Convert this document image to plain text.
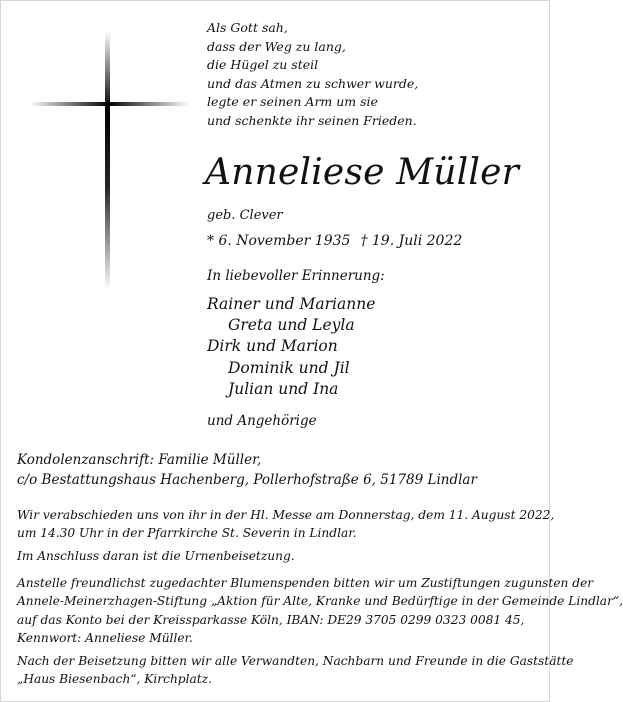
Als Gott sah,
dass der Weg zu lang,
die Hügel zu steil
und das Atmen zu schwer wurde,
legte er seinen Arm um sie
und schenkte ihr seinen Frieden.
Anneliese Müller
geb. Clever
* 6. November 1935 † 19. Juli 2022
In liebevoller Erinnerung:
Rainer und Marianne
Greta und Leyla
Dirk und Marion
Dominik und Jil
Julian und Ina
und Angehörige
Kondolenzanschrift: Familie Müller,
c/o Bestattungshaus Hachenberg, Pollerhofstraße 6, 51789 Lindlar
Wir verabschieden uns von ihr in der Hl. Messe am Donnerstag, dem 11. August 2022,
um 14.30 Uhr in der Pfarrkirche St. Severin in Lindlar.
Im Anschluss daran ist die Urnenbeisetzung.
Anstelle freundlichst zugedachter Blumenspenden bitten wir um Zustiftungen zugunsten der
Annele-Meinerzhagen-Stiftung „Aktion für Alte, Kranke und Bedürftige in der Gemeinde Lindlar“,
auf das Konto bei der Kreissparkasse Köln, IBAN: DE29 3705 0299 0323 0081 45,
Kennwort: Anneliese Müller.
Nach der Beisetzung bitten wir alle Verwandten, Nachbarn und Freunde in die Gaststätte
„Haus Biesenbach“, Kirchplatz.
